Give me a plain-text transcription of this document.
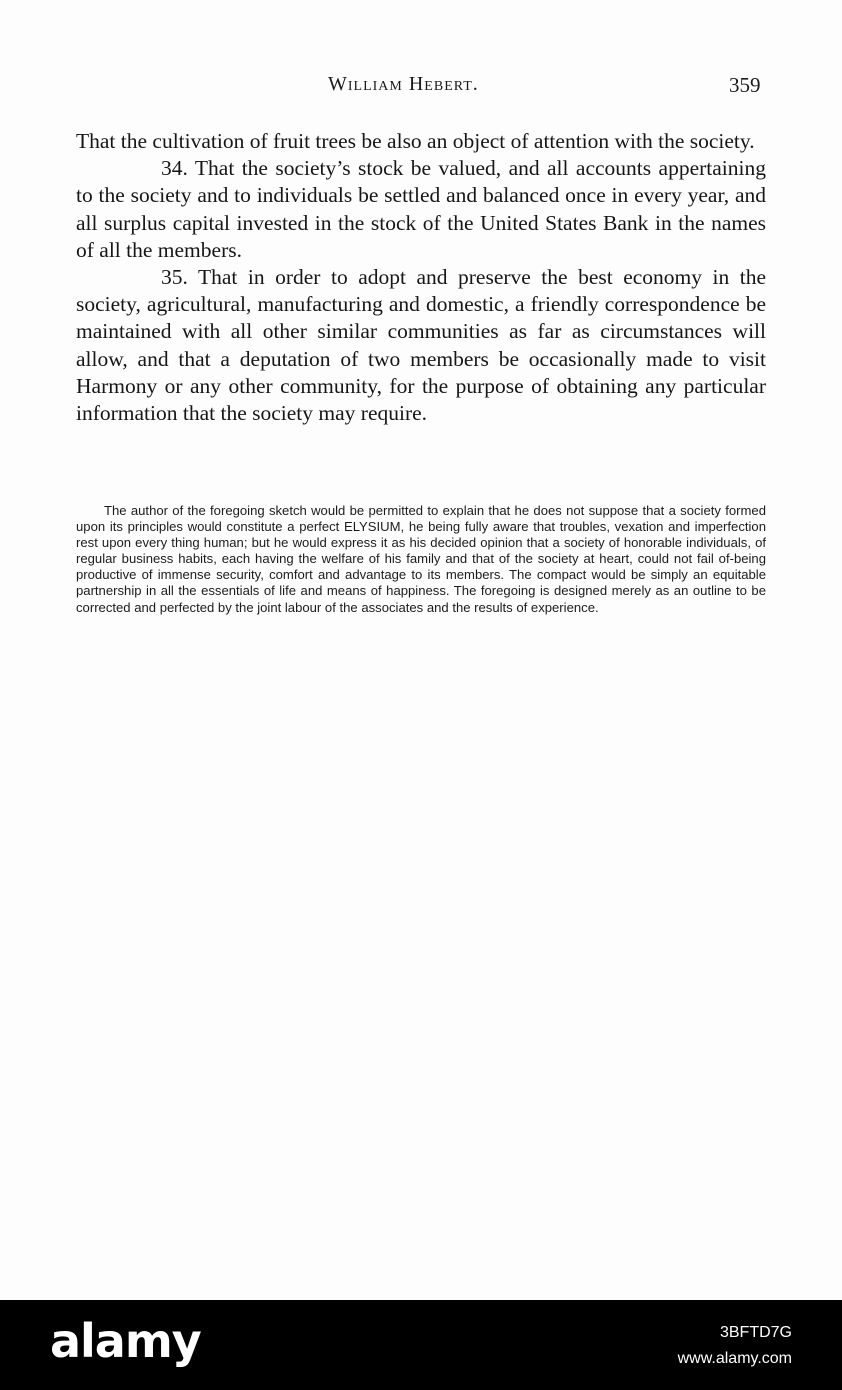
William Hebert.	359

That the cultivation of fruit trees be also an object of attention with the society.

34. That the society’s stock be valued, and all accounts appertaining to the society and to individuals be settled and balanced once in every year, and all surplus capital invested in the stock of the United States Bank in the names of all the members.

35. That in order to adopt and preserve the best economy in the society, agricultural, manufacturing and domestic, a friendly correspondence be maintained with all other similar communities as far as circumstances will allow, and that a deputation of two members be occasionally made to visit Harmony or any other community, for the purpose of obtaining any particular information that the society may require.

The author of the foregoing sketch would be permitted to explain that he does not suppose that a society formed upon its principles would constitute a perfect ELYSIUM, he being fully aware that troubles, vexation and imperfection rest upon every thing human; but he would express it as his decided opinion that a society of honorable individuals, of regular business habits, each having the welfare of his family and that of the society at heart, could not fail of-being productive of immense security, comfort and advantage to its members. The compact would be simply an equitable partnership in all the essentials of life and means of happiness. The foregoing is designed merely as an outline to be corrected and perfected by the joint labour of the associates and the results of experience.

alamy	3BFTD7G
www.alamy.com
